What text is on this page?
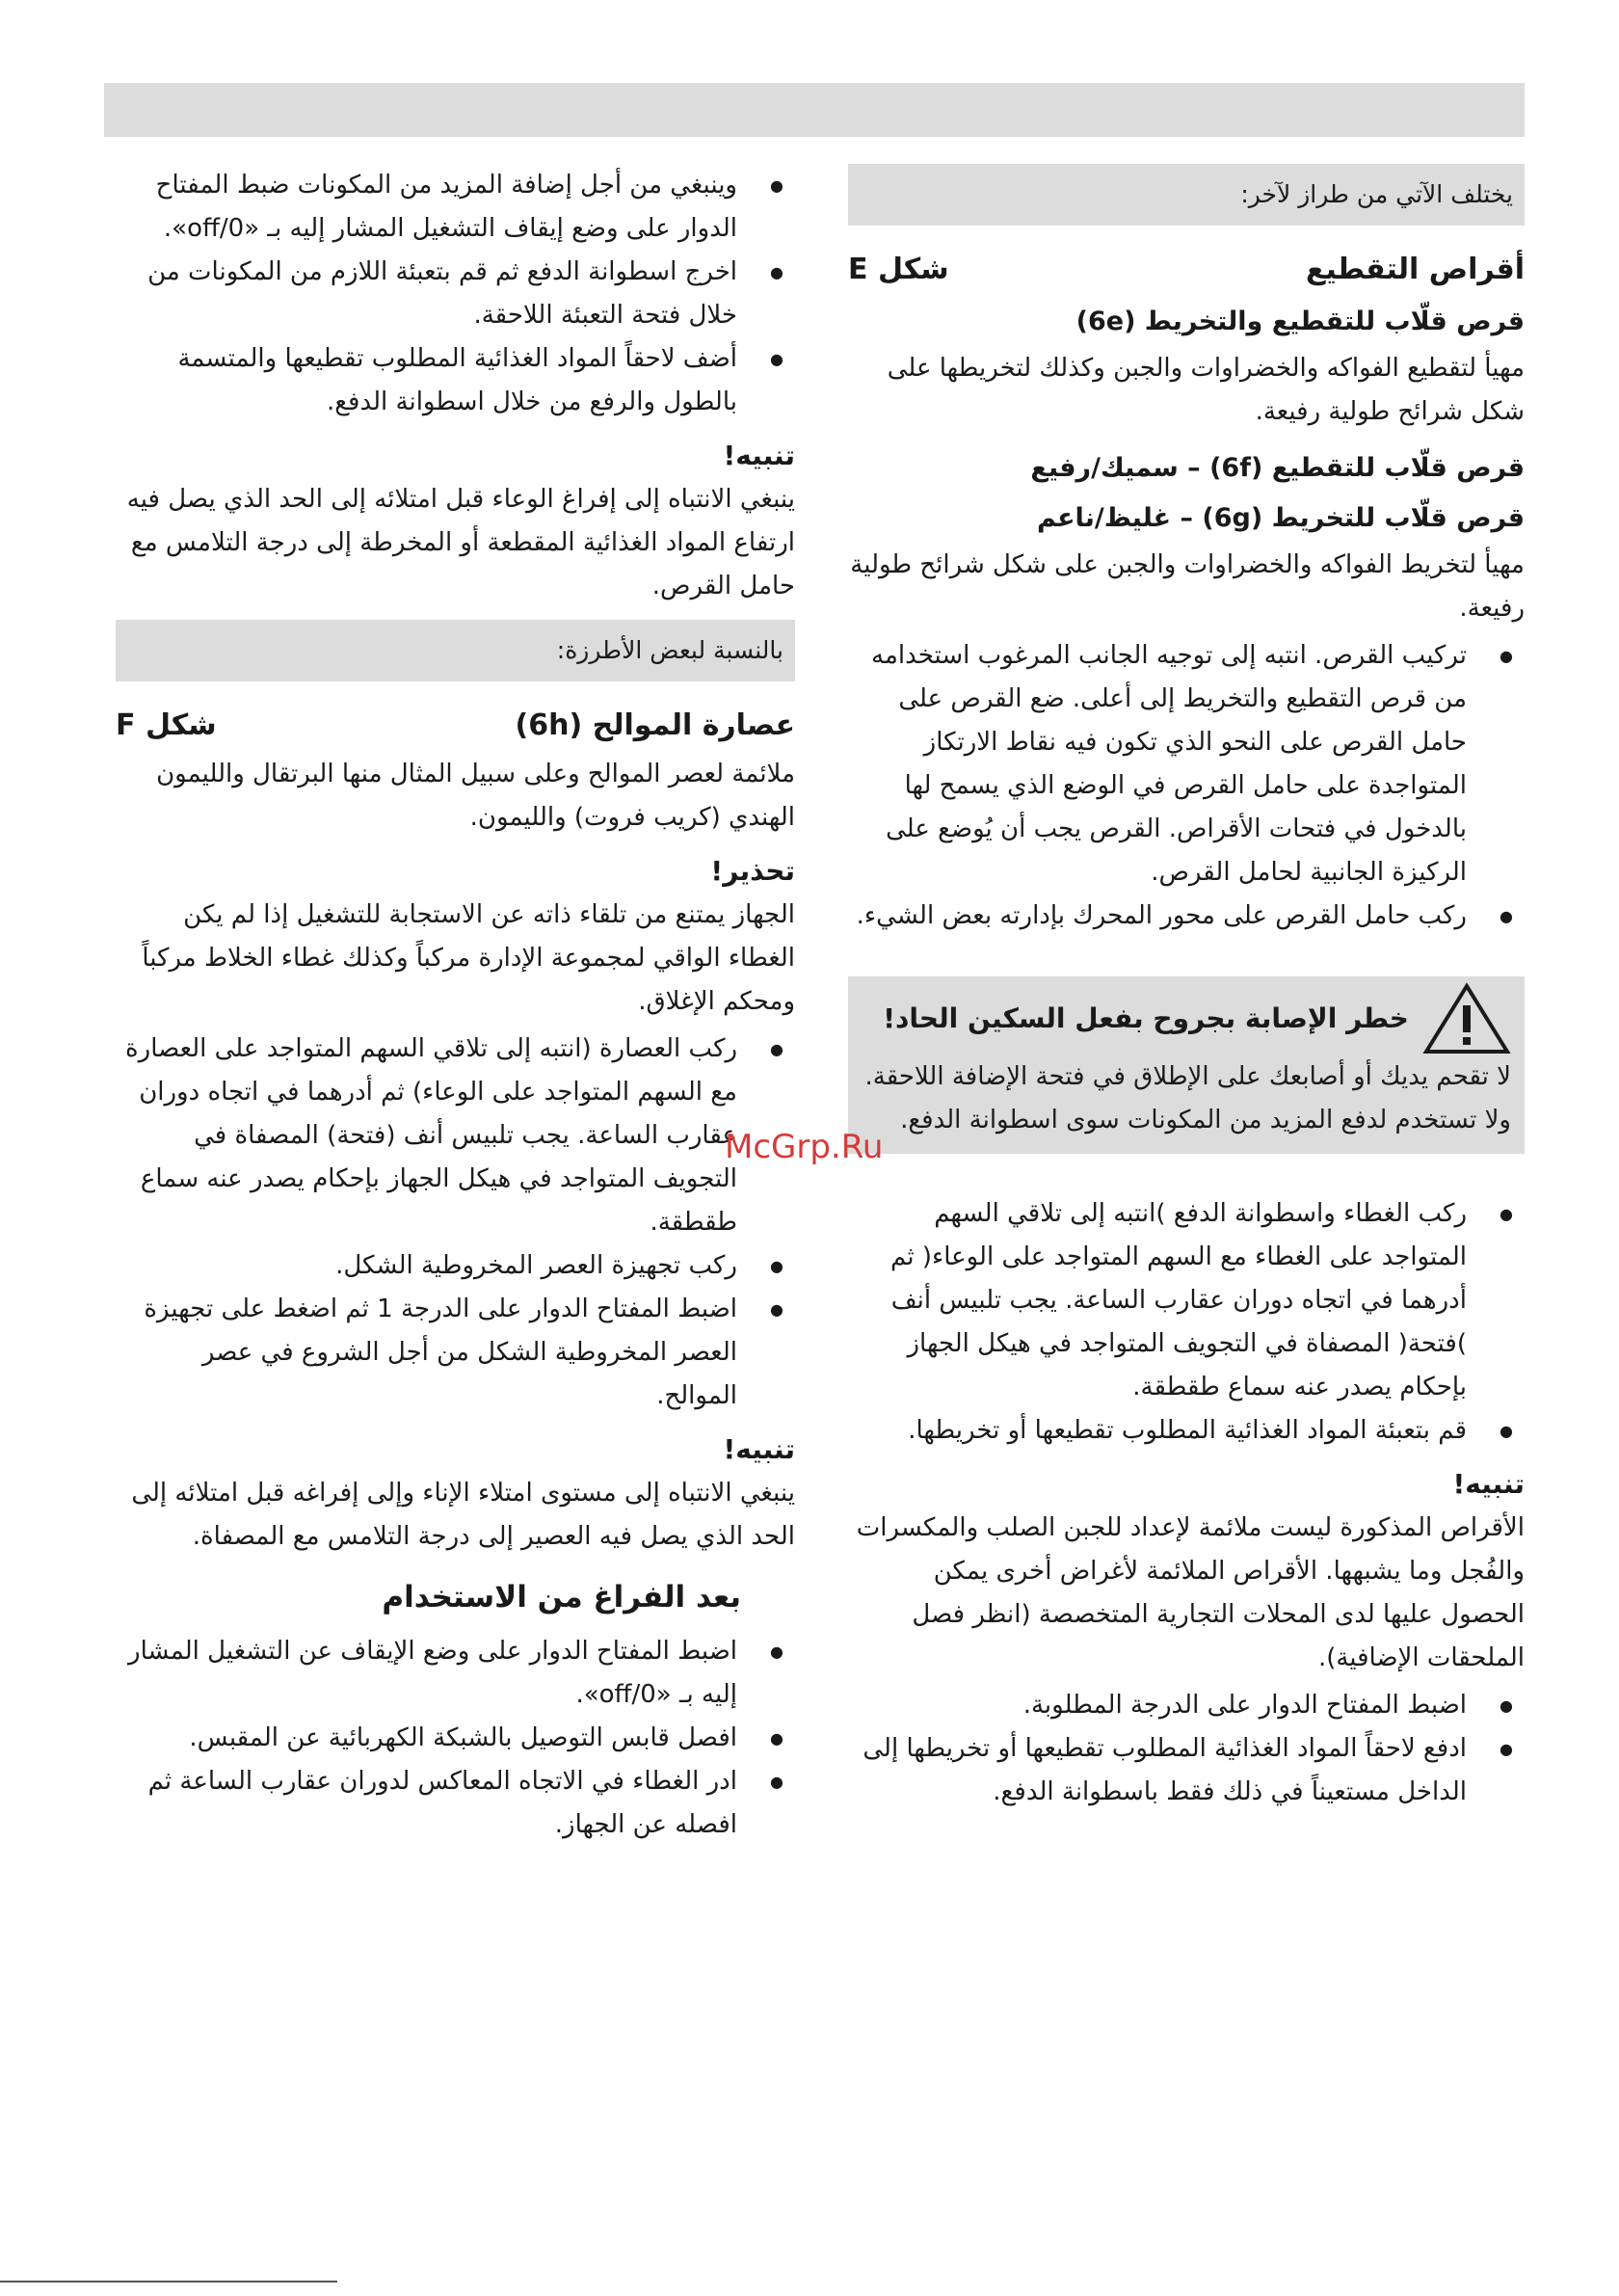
يختلف الآتي من طراز لآخر:
أقراص التقطيع
شكل E
قرص قلّاب للتقطيع والتخريط (6e)

مهيأ لتقطيع الفواكه والخضراوات والجبن وكذلك لتخريطها على شكل شرائح طولية رفيعة.

قرص قلّاب للتقطيع (6f) – سميك/رفيع
قرص قلّاب للتخريط (6g) – غليظ/ناعم

مهيأ لتخريط الفواكه والخضراوات والجبن على شكل شرائح طولية رفيعة.

● تركيب القرص. انتبه إلى توجيه الجانب المرغوب استخدامه من قرص التقطيع والتخريط إلى أعلى. ضع القرص على حامل القرص على النحو الذي تكون فيه نقاط الارتكاز المتواجدة على حامل القرص في الوضع الذي يسمح لها بالدخول في فتحات الأقراص. القرص يجب أن يُوضع على الركيزة الجانبية لحامل القرص.
● ركب حامل القرص على محور المحرك بإدارته بعض الشيء.
خطر الإصابة بجروح بفعل السكين الحاد!

لا تقحم يديك أو أصابعك على الإطلاق في فتحة الإضافة اللاحقة. ولا تستخدم لدفع المزيد من المكونات سوى اسطوانة الدفع.

● ركب الغطاء واسطوانة الدفع )انتبه إلى تلاقي السهم المتواجد على الغطاء مع السهم المتواجد على الوعاء( ثم أدرهما في اتجاه دوران عقارب الساعة. يجب تلبيس أنف )فتحة( المصفاة في التجويف المتواجد في هيكل الجهاز بإحكام يصدر عنه سماع طقطقة.
● قم بتعبئة المواد الغذائية المطلوب تقطيعها أو تخريطها.
تنبيه!

الأقراص المذكورة ليست ملائمة لإعداد للجبن الصلب والمكسرات والفُجل وما يشبهها. الأقراص الملائمة لأغراض أخرى يمكن الحصول عليها لدى المحلات التجارية المتخصصة (انظر فصل الملحقات الإضافية).

● اضبط المفتاح الدوار على الدرجة المطلوبة.
● ادفع لاحقاً المواد الغذائية المطلوب تقطيعها أو تخريطها إلى الداخل مستعيناً في ذلك فقط باسطوانة الدفع.
● وينبغي من أجل إضافة المزيد من المكونات ضبط المفتاح الدوار على وضع إيقاف التشغيل المشار إليه بـ «off/0».
● اخرج اسطوانة الدفع ثم قم بتعبئة اللازم من المكونات من خلال فتحة التعبئة اللاحقة.
● أضف لاحقاً المواد الغذائية المطلوب تقطيعها والمتسمة بالطول والرفع من خلال اسطوانة الدفع.
تنبيه!

ينبغي الانتباه إلى إفراغ الوعاء قبل امتلائه إلى الحد الذي يصل فيه ارتفاع المواد الغذائية المقطعة أو المخرطة إلى درجة التلامس مع حامل القرص.

بالنسبة لبعض الأطرزة:
عصارة الموالح (6h)
شكل F

ملائمة لعصر الموالح وعلى سبيل المثال منها البرتقال والليمون الهندي (كريب فروت) والليمون.

تحذير!

الجهاز يمتنع من تلقاء ذاته عن الاستجابة للتشغيل إذا لم يكن الغطاء الواقي لمجموعة الإدارة مركباً وكذلك غطاء الخلاط مركباً ومحكم الإغلاق.

● ركب العصارة (انتبه إلى تلاقي السهم المتواجد على العصارة مع السهم المتواجد على الوعاء) ثم أدرهما في اتجاه دوران عقارب الساعة. يجب تلبيس أنف (فتحة) المصفاة في التجويف المتواجد في هيكل الجهاز بإحكام يصدر عنه سماع طقطقة.
● ركب تجهيزة العصر المخروطية الشكل.
● اضبط المفتاح الدوار على الدرجة 1 ثم اضغط على تجهيزة العصر المخروطية الشكل من أجل الشروع في عصر الموالح.
تنبيه!

ينبغي الانتباه إلى مستوى امتلاء الإناء وإلى إفراغه قبل امتلائه إلى الحد الذي يصل فيه العصير إلى درجة التلامس مع المصفاة.

بعد الفراغ من الاستخدام
● اضبط المفتاح الدوار على وضع الإيقاف عن التشغيل المشار إليه بـ «off/0».
● افصل قابس التوصيل بالشبكة الكهربائية عن المقبس.
● ادر الغطاء في الاتجاه المعاكس لدوران عقارب الساعة ثم افصله عن الجهاز.
McGrp.Ru
